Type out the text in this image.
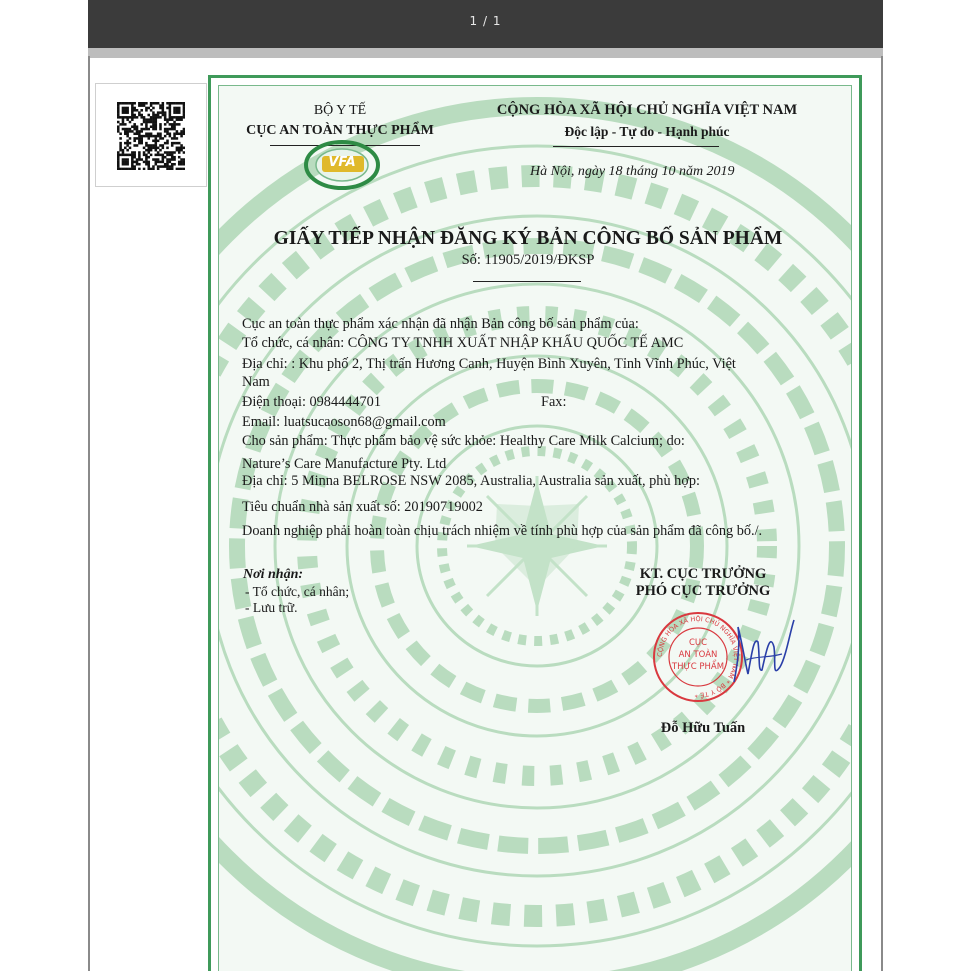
1 / 1
BỘ Y TẾ
CỤC AN TOÀN THỰC PHẨM
VFA
CỘNG HÒA XÃ HỘI CHỦ NGHĨA VIỆT NAM
Độc lập - Tự do - Hạnh phúc
Hà Nội, ngày 18 tháng 10 năm 2019
GIẤY TIẾP NHẬN ĐĂNG KÝ BẢN CÔNG BỐ SẢN PHẨM
Số: 11905/2019/ĐKSP
Cục an toàn thực phẩm xác nhận đã nhận Bản công bố sản phẩm của:
Tổ chức, cá nhân: CÔNG TY TNHH XUẤT NHẬP KHẨU QUỐC TẾ AMC
Địa chỉ: : Khu phố 2, Thị trấn Hương Canh, Huyện Bình Xuyên, Tỉnh Vĩnh Phúc, Việt
Nam
Điện thoại: 0984444701	Fax:
Email: luatsucaoson68@gmail.com
Cho sản phẩm: Thực phẩm bảo vệ sức khỏe: Healthy Care Milk Calcium; do:
Nature’s Care Manufacture Pty. Ltd
Địa chỉ: 5 Minna BELROSE NSW 2085, Australia, Australia sản xuất, phù hợp:
Tiêu chuẩn nhà sản xuất số: 20190719002
Doanh nghiệp phải hoàn toàn chịu trách nhiệm về tính phù hợp của sản phẩm đã công bố./.
Nơi nhận:
- Tổ chức, cá nhân;
- Lưu trữ.
KT. CỤC TRƯỞNG
PHÓ CỤC TRƯỞNG
CỘNG HÒA XÃ HỘI CHỦ NGHĨA VIỆT NAM * BỘ Y TẾ *
CỤC
AN TOÀN
THỰC PHẨM
Đỗ Hữu Tuấn
